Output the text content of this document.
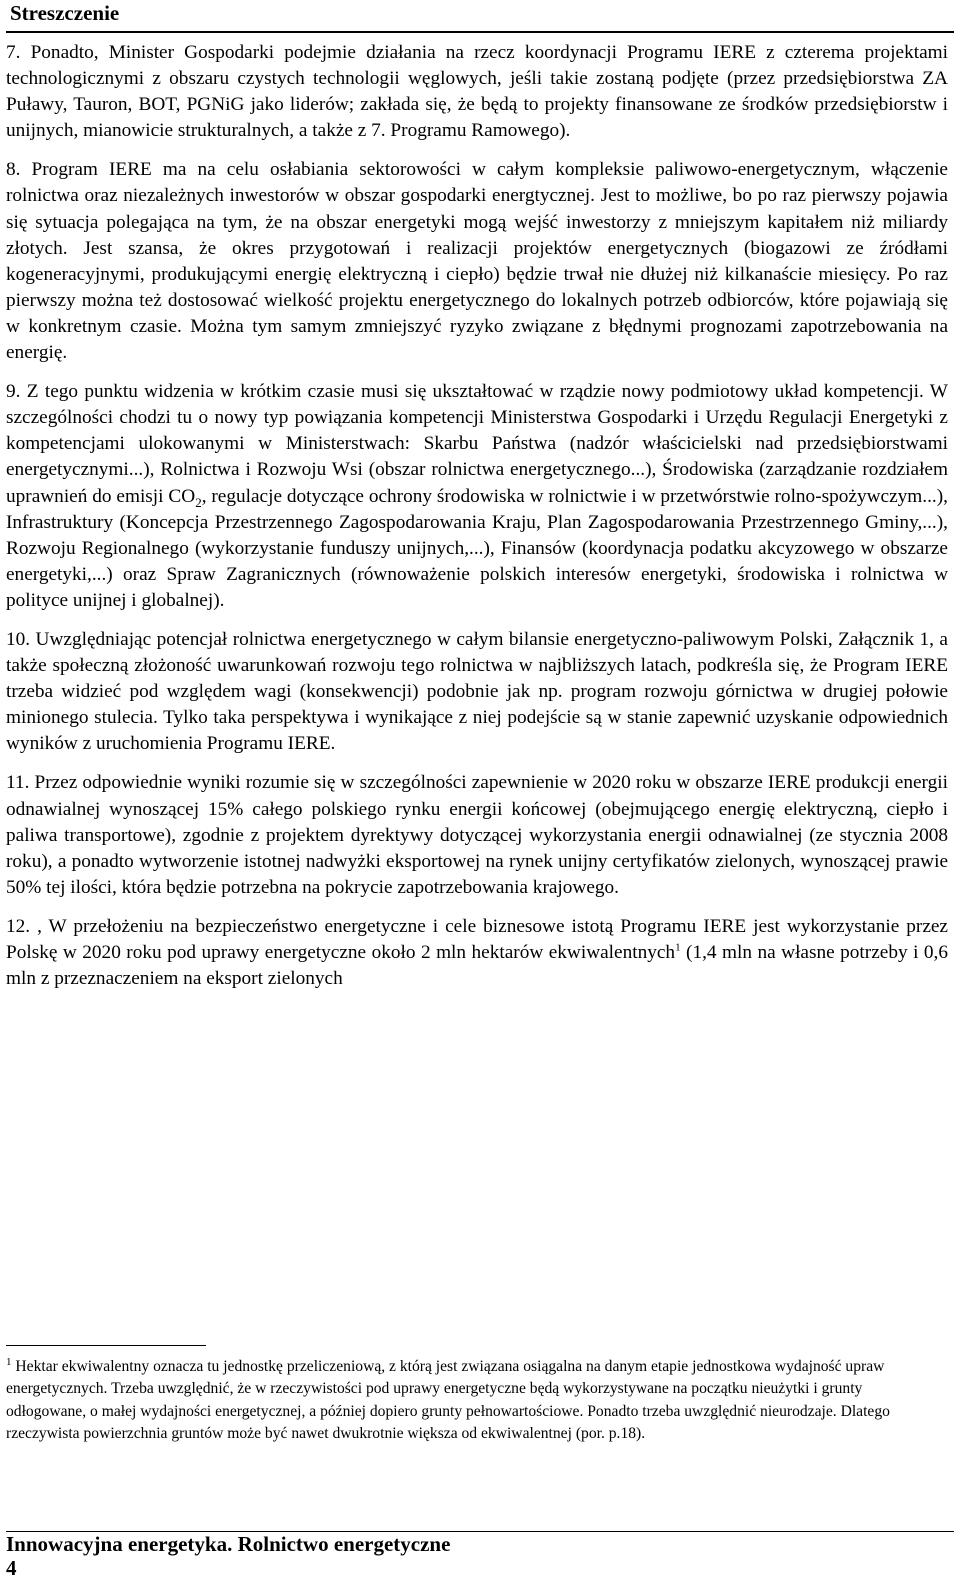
Streszczenie

7. Ponadto, Minister Gospodarki podejmie działania na rzecz koordynacji Programu IERE z czterema projektami technologicznymi z obszaru czystych technologii węglowych, jeśli takie zostaną podjęte (przez przedsiębiorstwa ZA Puławy, Tauron, BOT, PGNiG jako liderów; zakłada się, że będą to projekty finansowane ze środków przedsiębiorstw i unijnych, mianowicie strukturalnych, a także z 7. Programu Ramowego).

8. Program IERE ma na celu osłabiania sektorowości w całym kompleksie paliwowo-energetycznym, włączenie rolnictwa oraz niezależnych inwestorów w obszar gospodarki energtycznej. Jest to możliwe, bo po raz pierwszy pojawia się sytuacja polegająca na tym, że na obszar energetyki mogą wejść inwestorzy z mniejszym kapitałem niż miliardy złotych. Jest szansa, że okres przygotowań i realizacji projektów energetycznych (biogazowi ze źródłami kogeneracyjnymi, produkującymi energię elektryczną i ciepło) będzie trwał nie dłużej niż kilkanaście miesięcy. Po raz pierwszy można też dostosować wielkość projektu energetycznego do lokalnych potrzeb odbiorców, które pojawiają się w konkretnym czasie. Można tym samym zmniejszyć ryzyko związane z błędnymi prognozami zapotrzebowania na energię.

9. Z tego punktu widzenia w krótkim czasie musi się ukształtować w rządzie nowy podmiotowy układ kompetencji. W szczególności chodzi tu o nowy typ powiązania kompetencji Ministerstwa Gospodarki i Urzędu Regulacji Energetyki z kompetencjami ulokowanymi w Ministerstwach: Skarbu Państwa (nadzór właścicielski nad przedsiębiorstwami energetycznymi...), Rolnictwa i Rozwoju Wsi (obszar rolnictwa energetycznego...), Środowiska (zarządzanie rozdziałem uprawnień do emisji $CO_2$, regulacje dotyczące ochrony środowiska w rolnictwie i w przetwórstwie rolno-spożywczym...), Infrastruktury (Koncepcja Przestrzennego Zagospodarowania Kraju, Plan Zagospodarowania Przestrzennego Gminy,...), Rozwoju Regionalnego (wykorzystanie funduszy unijnych,...), Finansów (koordynacja podatku akcyzowego w obszarze energetyki,...) oraz Spraw Zagranicznych (równoważenie polskich interesów energetyki, środowiska i rolnictwa w polityce unijnej i globalnej).

10. Uwzględniając potencjał rolnictwa energetycznego w całym bilansie energetyczno-paliwowym Polski, Załącznik 1, a także społeczną złożoność uwarunkowań rozwoju tego rolnictwa w najbliższych latach, podkreśla się, że Program IERE trzeba widzieć pod względem wagi (konsekwencji) podobnie jak np. program rozwoju górnictwa w drugiej połowie minionego stulecia. Tylko taka perspektywa i wynikające z niej podejście są w stanie zapewnić uzyskanie odpowiednich wyników z uruchomienia Programu IERE.

11. Przez odpowiednie wyniki rozumie się w szczególności zapewnienie w 2020 roku w obszarze IERE produkcji energii odnawialnej wynoszącej 15% całego polskiego rynku energii końcowej (obejmującego energię elektryczną, ciepło i paliwa transportowe), zgodnie z projektem dyrektywy dotyczącej wykorzystania energii odnawialnej (ze stycznia 2008 roku), a ponadto wytworzenie istotnej nadwyżki eksportowej na rynek unijny certyfikatów zielonych, wynoszącej prawie 50% tej ilości, która będzie potrzebna na pokrycie zapotrzebowania krajowego.

12. , W przełożeniu na bezpieczeństwo energetyczne i cele biznesowe istotą Programu IERE jest wykorzystanie przez Polskę w 2020 roku pod uprawy energetyczne około 2 mln hektarów ekwiwalentnych$^1$ (1,4 mln na własne potrzeby i 0,6 mln z przeznaczeniem na eksport zielonych

$^1$ Hektar ekwiwalentny oznacza tu jednostkę przeliczeniową, z którą jest związana osiągalna na danym etapie jednostkowa wydajność upraw energetycznych. Trzeba uwzględnić, że w rzeczywistości pod uprawy energetyczne będą wykorzystywane na początku nieużytki i grunty odłogowane, o małej wydajności energetycznej, a później dopiero grunty pełnowartościowe. Ponadto trzeba uwzględnić nieurodzaje. Dlatego rzeczywista powierzchnia gruntów może być nawet dwukrotnie większa od ekwiwalentnej (por. p.18).
Innowacyjna energetyka. Rolnictwo energetyczne
4
